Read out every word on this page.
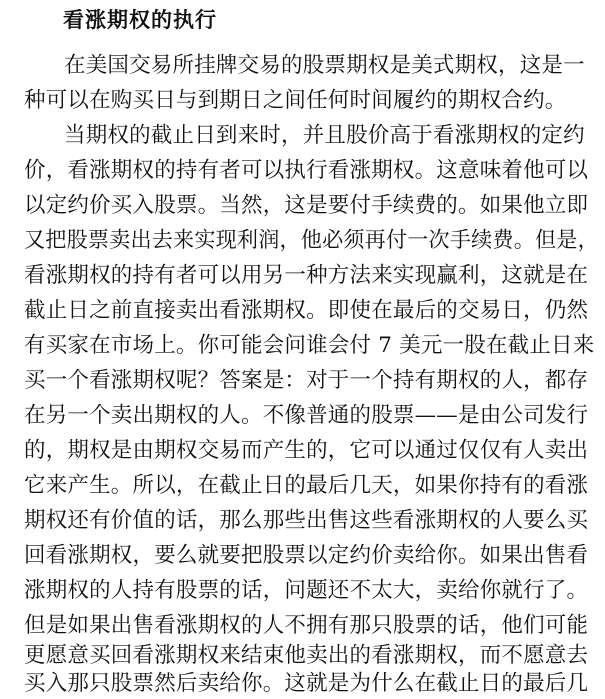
看涨期权的执行
在美国交易所挂牌交易的股票期权是美式期权，这是一
种可以在购买日与到期日之间任何时间履约的期权合约。
当期权的截止日到来时，并且股价高于看涨期权的定约
价，看涨期权的持有者可以执行看涨期权。这意味着他可以
以定约价买入股票。当然，这是要付手续费的。如果他立即
又把股票卖出去来实现利润，他必须再付一次手续费。但是，
看涨期权的持有者可以用另一种方法来实现赢利，这就是在
截止日之前直接卖出看涨期权。即使在最后的交易日，仍然
有买家在市场上。你可能会问谁会付 7 美元一股在截止日来
买一个看涨期权呢？答案是：对于一个持有期权的人，都存
在另一个卖出期权的人。不像普通的股票——是由公司发行
的，期权是由期权交易而产生的，它可以通过仅仅有人卖出
它来产生。所以，在截止日的最后几天，如果你持有的看涨
期权还有价值的话，那么那些出售这些看涨期权的人要么买
回看涨期权，要么就要把股票以定约价卖给你。如果出售看
涨期权的人持有股票的话，问题还不太大，卖给你就行了。
但是如果出售看涨期权的人不拥有那只股票的话，他们可能
更愿意买回看涨期权来结束他卖出的看涨期权，而不愿意去
买入那只股票然后卖给你。这就是为什么在截止日的最后几
